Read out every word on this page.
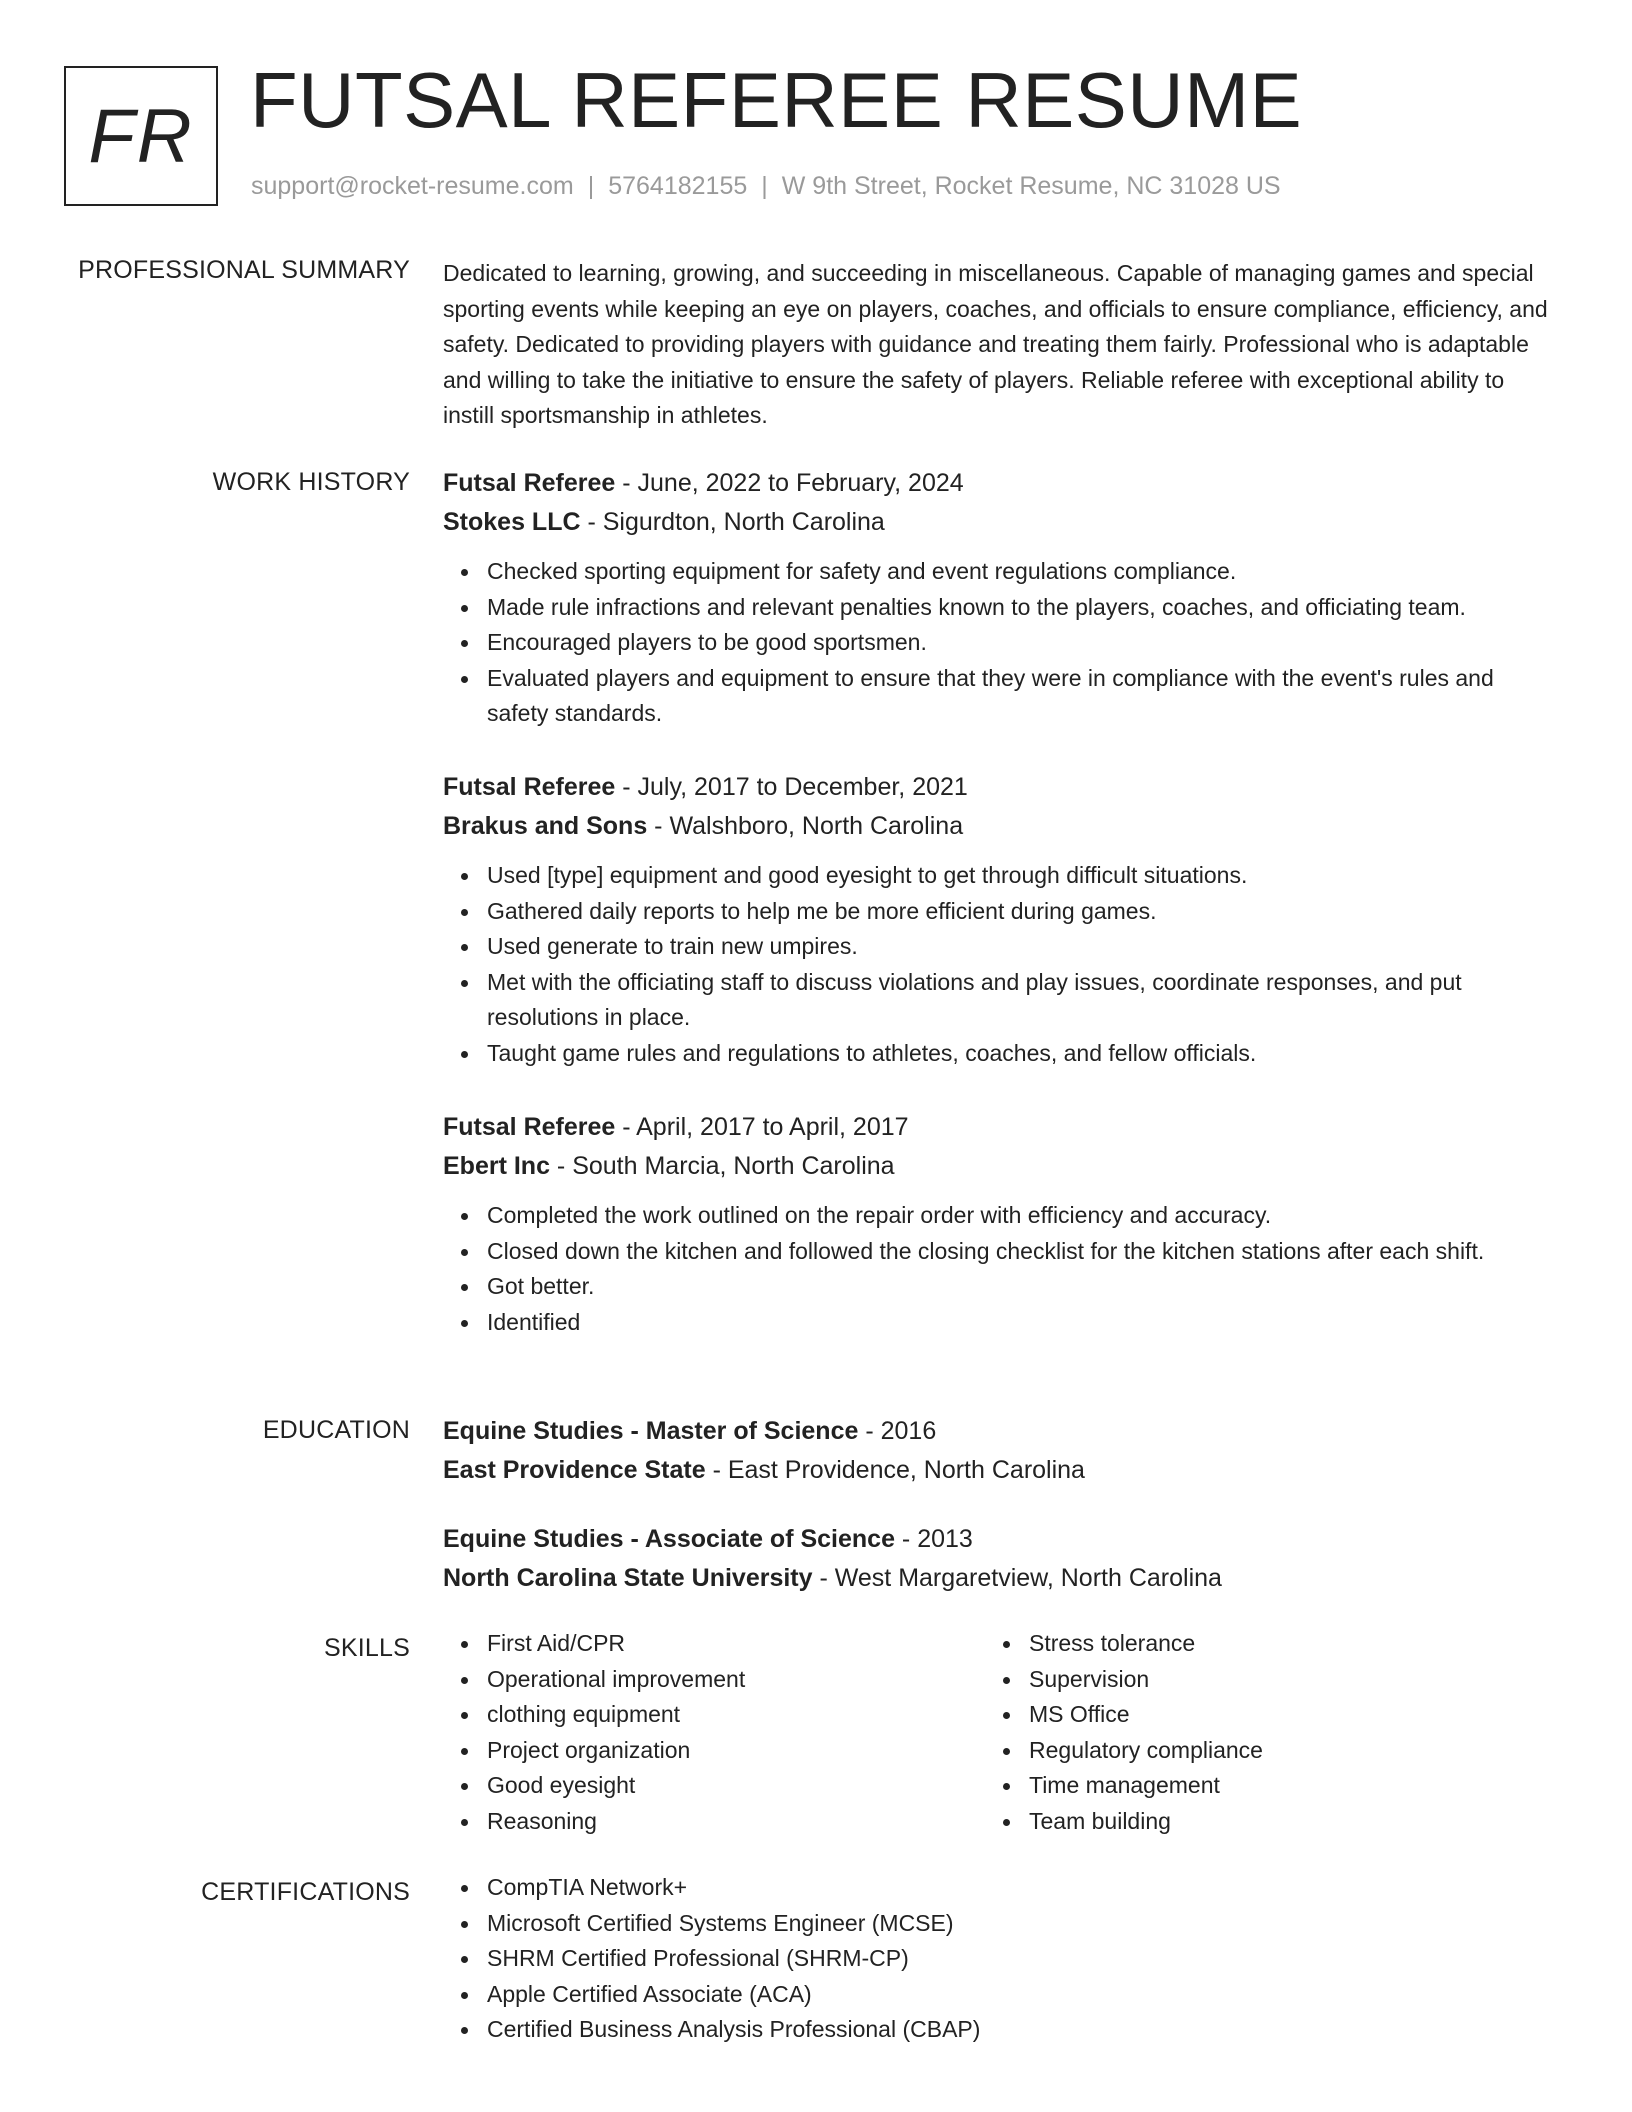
FR FUTSAL REFEREE RESUME
support@rocket-resume.com | 5764182155 | W 9th Street, Rocket Resume, NC 31028 US
PROFESSIONAL SUMMARY Dedicated to learning, growing, and succeeding in miscellaneous. Capable of managing games and special sporting events while keeping an eye on players, coaches, and officials to ensure compliance, efficiency, and safety. Dedicated to providing players with guidance and treating them fairly. Professional who is adaptable and willing to take the initiative to ensure the safety of players. Reliable referee with exceptional ability to instill sportsmanship in athletes.
WORK HISTORY Futsal Referee - June, 2022 to February, 2024
Stokes LLC - Sigurdton, North Carolina
Checked sporting equipment for safety and event regulations compliance.
Made rule infractions and relevant penalties known to the players, coaches, and officiating team.
Encouraged players to be good sportsmen.
Evaluated players and equipment to ensure that they were in compliance with the event's rules and safety standards.
Futsal Referee - July, 2017 to December, 2021
Brakus and Sons - Walshboro, North Carolina
Used [type] equipment and good eyesight to get through difficult situations.
Gathered daily reports to help me be more efficient during games.
Used generate to train new umpires.
Met with the officiating staff to discuss violations and play issues, coordinate responses, and put resolutions in place.
Taught game rules and regulations to athletes, coaches, and fellow officials.
Futsal Referee - April, 2017 to April, 2017
Ebert Inc - South Marcia, North Carolina
Completed the work outlined on the repair order with efficiency and accuracy.
Closed down the kitchen and followed the closing checklist for the kitchen stations after each shift.
Got better.
Identified
EDUCATION Equine Studies - Master of Science - 2016
East Providence State - East Providence, North Carolina
Equine Studies - Associate of Science - 2013
North Carolina State University - West Margaretview, North Carolina
SKILLS	First Aid/CPR
Operational improvement
clothing equipment
Project organization
Good eyesight
Reasoning
Stress tolerance
Supervision
MS Office
Regulatory compliance
Time management
Team building
CERTIFICATIONS	CompTIA Network+
Microsoft Certified Systems Engineer (MCSE)
SHRM Certified Professional (SHRM-CP)
Apple Certified Associate (ACA)
Certified Business Analysis Professional (CBAP)
